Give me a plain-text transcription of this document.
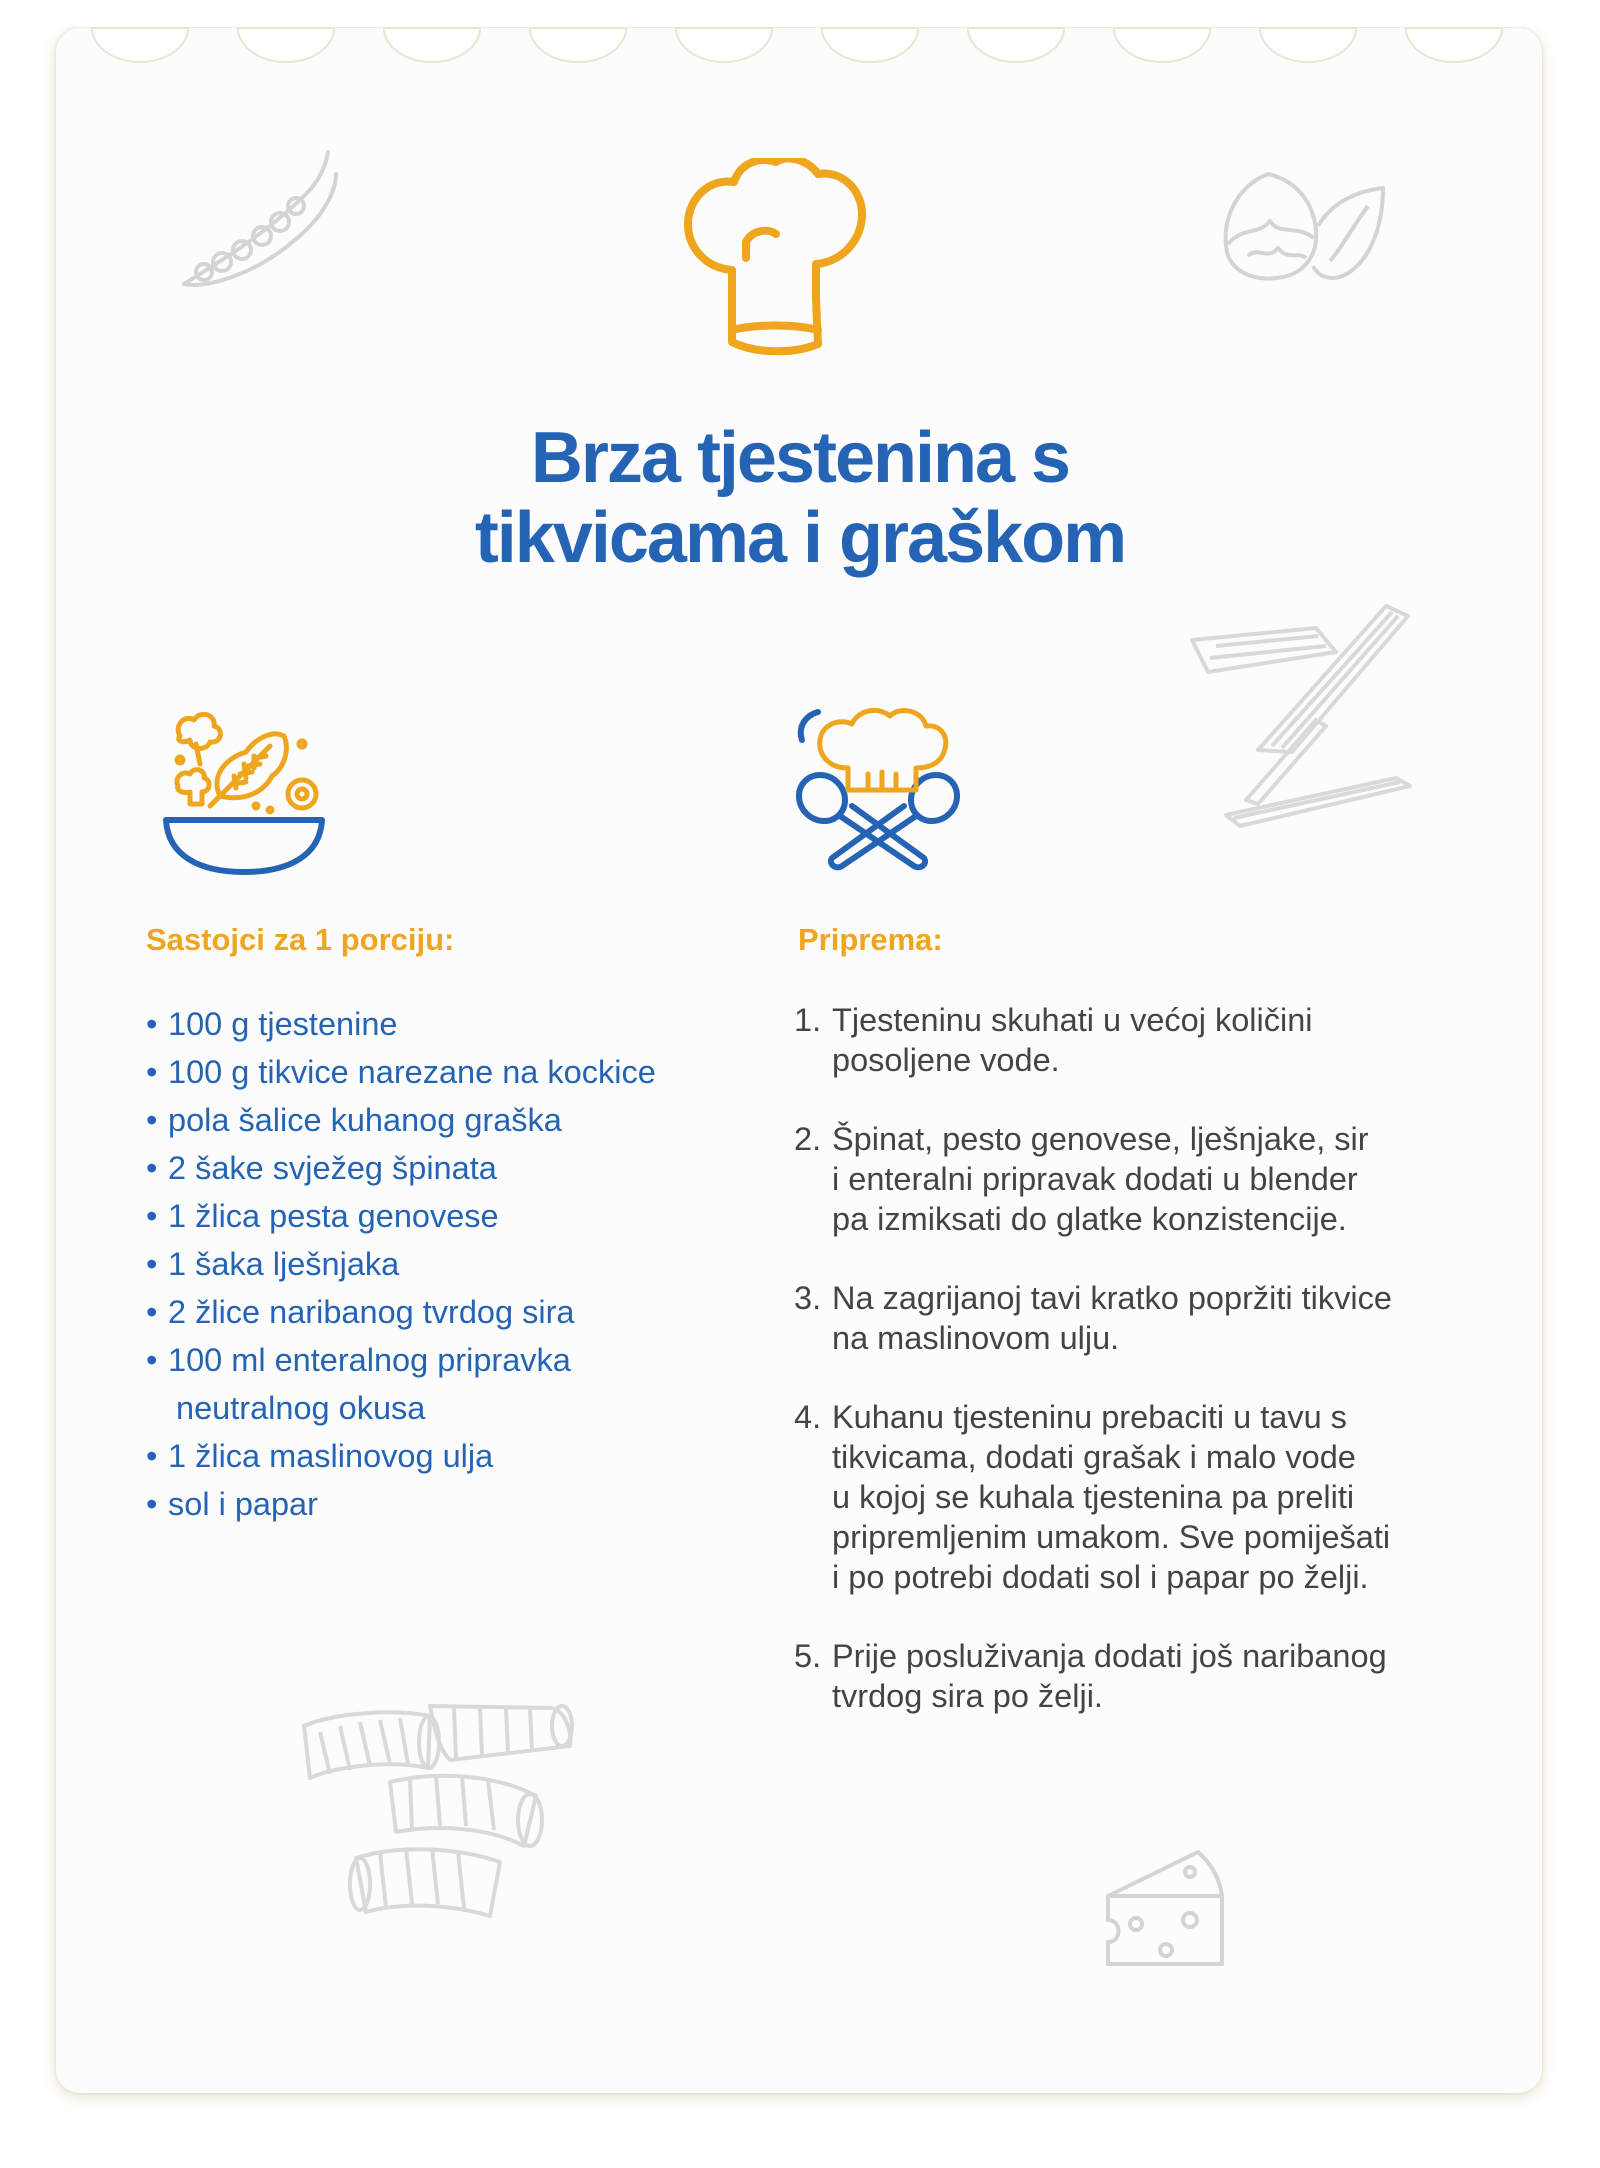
Brza tjestenina s
tikvicama i graškom
Sastojci za 1 porciju:	Priprema:
• 100 g tjestenine
• 100 g tikvice narezane na kockice
• pola šalice kuhanog graška
• 2 šake svježeg špinata
• 1 žlica pesta genovese
• 1 šaka lješnjaka
• 2 žlice naribanog tvrdog sira
• 100 ml enteralnog pripravka
neutralnog okusa
• 1 žlica maslinovog ulja
• sol i papar
1. Tjesteninu skuhati u većoj količini
posoljene vode.
2. Špinat, pesto genovese, lješnjake, sir
i enteralni pripravak dodati u blender
pa izmiksati do glatke konzistencije.
3. Na zagrijanoj tavi kratko popržiti tikvice
na maslinovom ulju.
4. Kuhanu tjesteninu prebaciti u tavu s
tikvicama, dodati grašak i malo vode
u kojoj se kuhala tjestenina pa preliti
pripremljenim umakom. Sve pomiješati
i po potrebi dodati sol i papar po želji.
5. Prije posluživanja dodati još naribanog
tvrdog sira po želji.
